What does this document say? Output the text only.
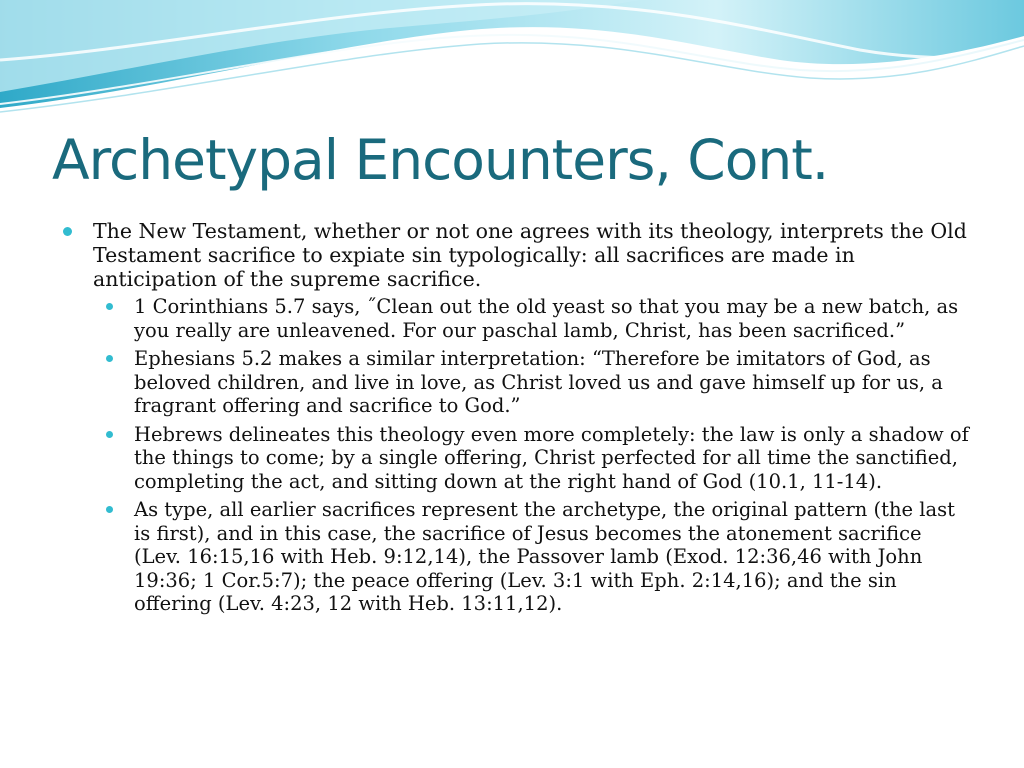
Archetypal Encounters, Cont.
The New Testament, whether or not one agrees with its theology, interprets the Old Testament sacrifice to expiate sin typologically: all sacrifices are made in anticipation of the supreme sacrifice.
1 Corinthians 5.7 says, ˝Clean out the old yeast so that you may be a new batch, as you really are unleavened. For our paschal lamb, Christ, has been sacrificed.”
Ephesians 5.2 makes a similar interpretation: “Therefore be imitators of God, as beloved children, and live in love, as Christ loved us and gave himself up for us, a fragrant offering and sacrifice to God.”
Hebrews delineates this theology even more completely: the law is only a shadow of the things to come; by a single offering, Christ perfected for all time the sanctified, completing the act, and sitting down at the right hand of God (10.1, 11-14).
As type, all earlier sacrifices represent the archetype, the original pattern (the last is first), and in this case, the sacrifice of Jesus becomes the atonement sacrifice (Lev. 16:15,16 with Heb. 9:12,14), the Passover lamb (Exod. 12:36,46 with John 19:36; 1 Cor.5:7); the peace offering (Lev. 3:1 with Eph. 2:14,16); and the sin offering (Lev. 4:23, 12 with Heb. 13:11,12).
